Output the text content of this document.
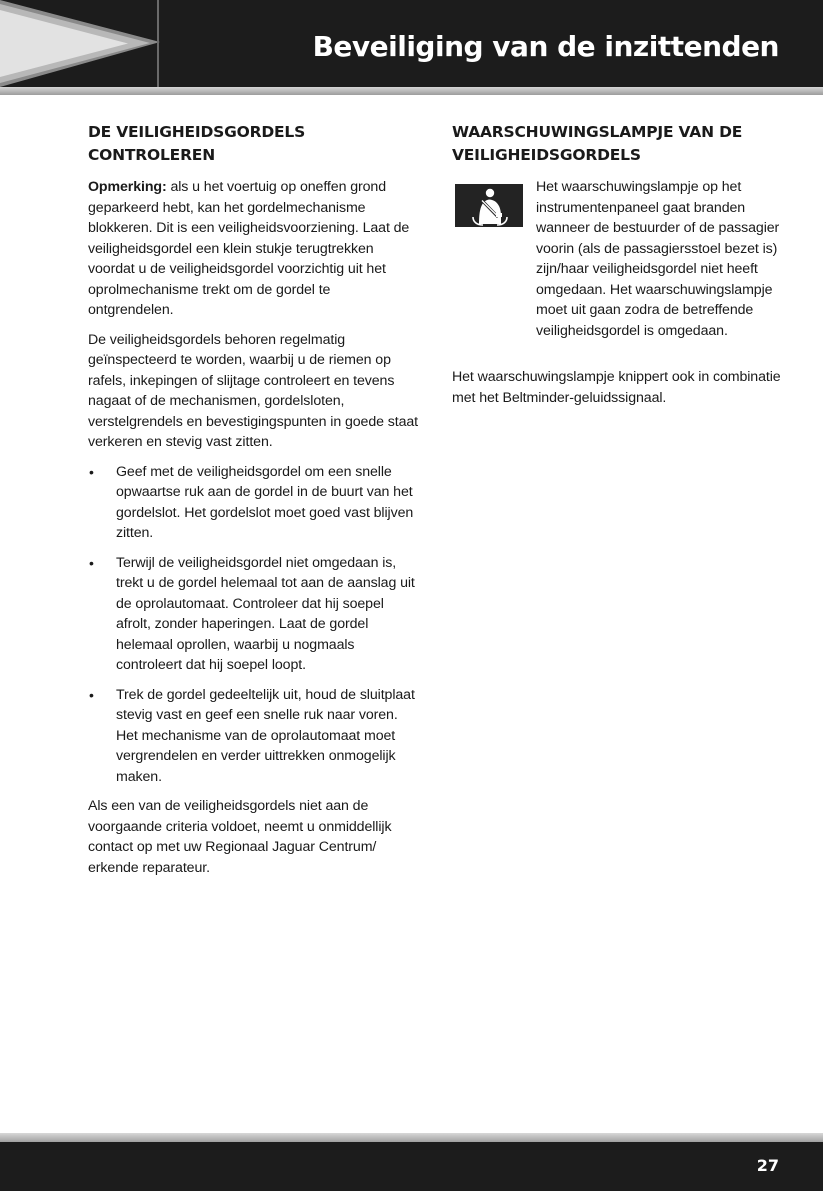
Beveiliging van de inzittenden
DE VEILIGHEIDSGORDELS
CONTROLEREN

Opmerking: als u het voertuig op oneffen grond geparkeerd hebt, kan het gordelmechanisme blokkeren. Dit is een veiligheidsvoorziening. Laat de veiligheidsgordel een klein stukje terugtrekken voordat u de veiligheidsgordel voorzichtig uit het oprolmechanisme trekt om de gordel te ontgrendelen.

De veiligheidsgordels behoren regelmatig geïnspecteerd te worden, waarbij u de riemen op rafels, inkepingen of slijtage controleert en tevens nagaat of de mechanismen, gordelsloten, verstelgrendels en bevestigingspunten in goede staat verkeren en stevig vast zitten.

• Geef met de veiligheidsgordel om een snelle opwaartse ruk aan de gordel in de buurt van het gordelslot. Het gordelslot moet goed vast blijven zitten.
• Terwijl de veiligheidsgordel niet omgedaan is, trekt u de gordel helemaal tot aan de aanslag uit de oprolautomaat. Controleer dat hij soepel afrolt, zonder haperingen. Laat de gordel helemaal oprollen, waarbij u nogmaals controleert dat hij soepel loopt.
• Trek de gordel gedeeltelijk uit, houd de sluitplaat stevig vast en geef een snelle ruk naar voren. Het mechanisme van de oprolautomaat moet vergrendelen en verder uittrekken onmogelijk maken.

Als een van de veiligheidsgordels niet aan de voorgaande criteria voldoet, neemt u onmiddellijk contact op met uw Regionaal Jaguar Centrum/ erkende reparateur.

WAARSCHUWINGSLAMPJE VAN DE
VEILIGHEIDSGORDELS
Het waarschuwingslampje op het instrumentenpaneel gaat branden wanneer de bestuurder of de passagier voorin (als de passagiersstoel bezet is) zijn/haar veiligheidsgordel niet heeft omgedaan. Het waarschuwingslampje moet uit gaan zodra de betreffende veiligheidsgordel is omgedaan.

Het waarschuwingslampje knippert ook in combinatie met het Beltminder-geluidssignaal.

27
